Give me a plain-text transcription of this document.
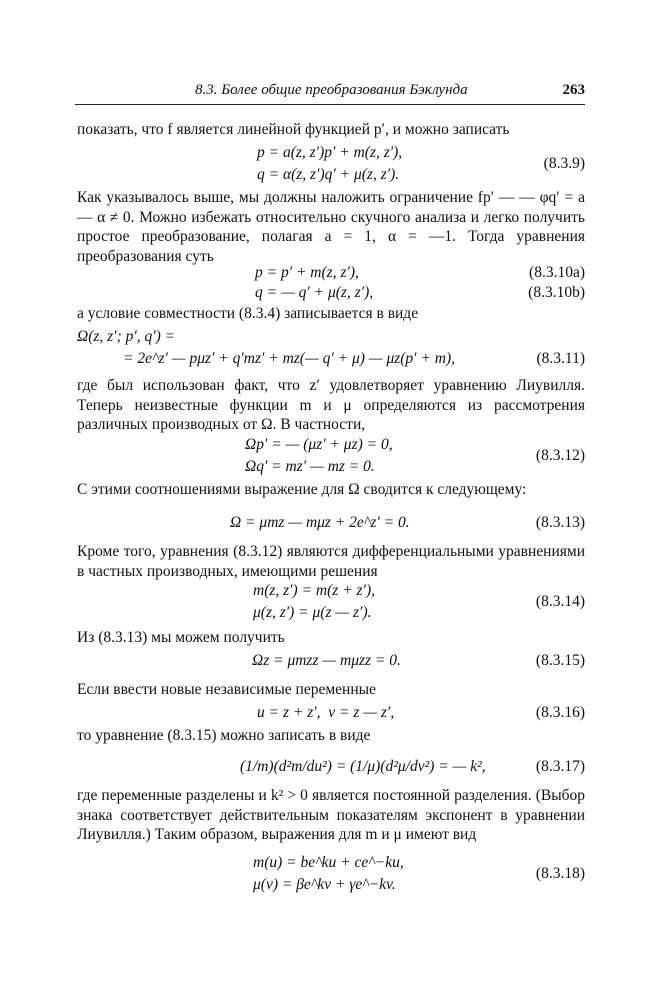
8.3. Более общие преобразования Бэклунда	263

показать, что f является линейной функцией p′, и можно записать

p = a(z, z′)p′ + m(z, z′),
q = α(z, z′)q′ + μ(z, z′).
(8.3.9)

Как указывалось выше, мы должны наложить ограничение fp′ — — φq′ = a — α ≠ 0. Можно избежать относительно скучного анализа и легко получить простое преобразование, полагая a = 1, α = —1. Тогда уравнения преобразования суть

p = p′ + m(z, z′),	(8.3.10a)
q = — q′ + μ(z, z′),	(8.3.10b)

а условие совместности (8.3.4) записывается в виде

Ω(z, z′; p′, q′) =
= 2e^z′ — pμz′ + q′mz′ + mz(— q′ + μ) — μz(p′ + m),	(8.3.11)

где был использован факт, что z′ удовлетворяет уравнению Лиувилля. Теперь неизвестные функции m и μ определяются из рассмотрения различных производных от Ω. В частности,

Ωp′ = — (μz′ + μz) = 0,
Ωq′ = mz′ — mz = 0.
(8.3.12)

С этими соотношениями выражение для Ω сводится к следующему:

Ω = μmz — mμz + 2e^z′ = 0.	(8.3.13)

Кроме того, уравнения (8.3.12) являются дифференциальными уравнениями в частных производных, имеющими решения

m(z, z′) = m(z + z′),
μ(z, z′) = μ(z — z′).
(8.3.14)

Из (8.3.13) мы можем получить

Ωz = μmzz — mμzz = 0.	(8.3.15)

Если ввести новые независимые переменные

u = z + z′,  v = z — z′,	(8.3.16)

то уравнение (8.3.15) можно записать в виде

(1/m)(d²m/du²) = (1/μ)(d²μ/dv²) = — k²,	(8.3.17)

где переменные разделены и k² > 0 является постоянной разделения. (Выбор знака соответствует действительным показателям экспонент в уравнении Лиувилля.) Таким образом, выражения для m и μ имеют вид

m(u) = be^ku + ce^−ku,
μ(v) = βe^kv + γe^−kv.
(8.3.18)
